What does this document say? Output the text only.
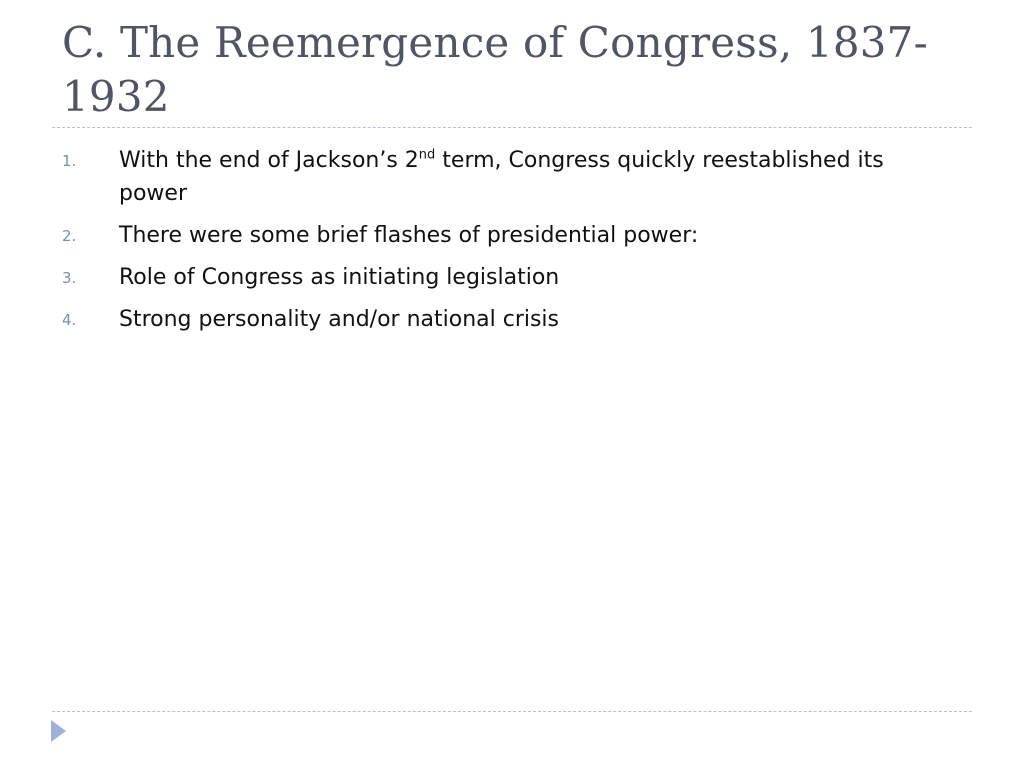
C. The Reemergence of Congress, 1837-1932
1. With the end of Jackson’s 2nd term, Congress quickly reestablished its power
2. There were some brief flashes of presidential power:
3. Role of Congress as initiating legislation
4. Strong personality and/or national crisis
